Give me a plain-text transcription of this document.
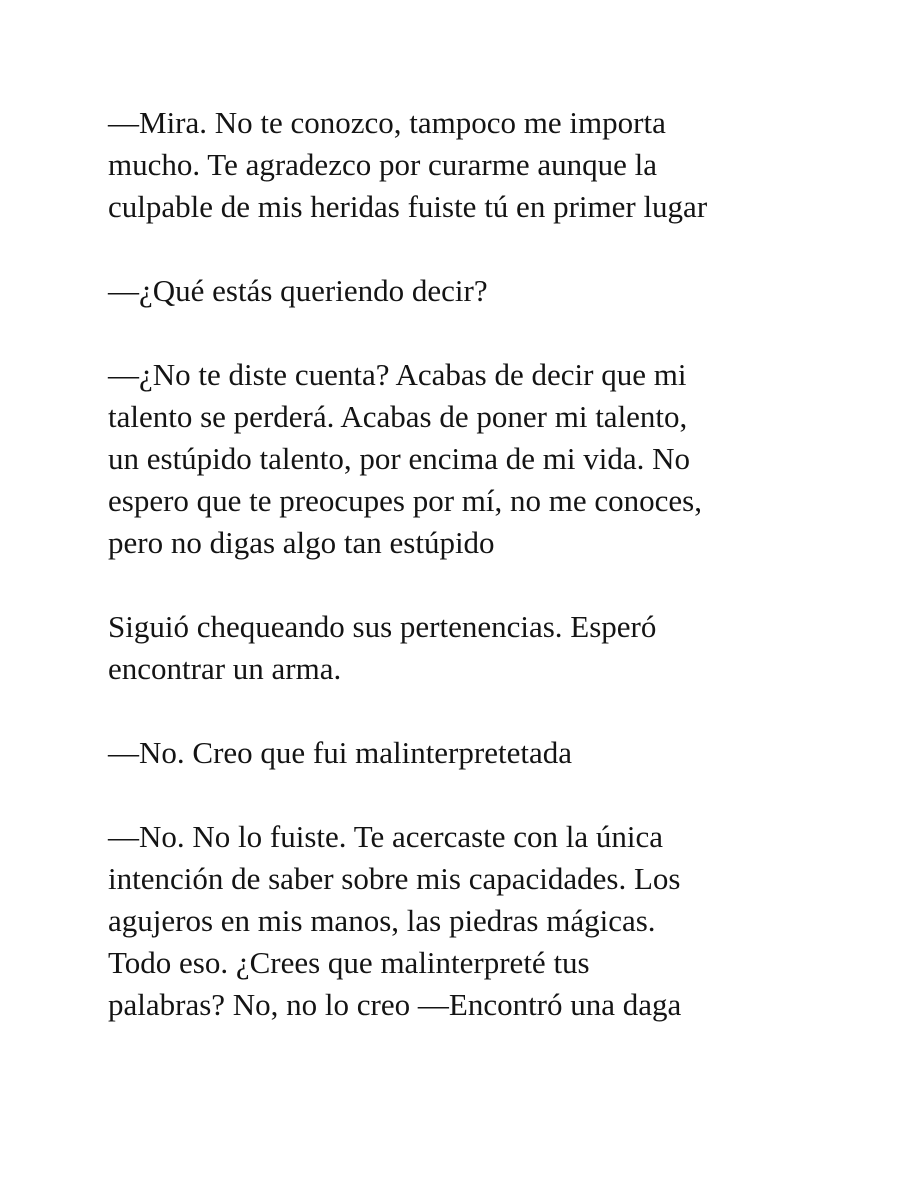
—Mira. No te conozco, tampoco me importa
mucho. Te agradezco por curarme aunque la
culpable de mis heridas fuiste tú en primer lugar

—¿Qué estás queriendo decir?

—¿No te diste cuenta? Acabas de decir que mi
talento se perderá. Acabas de poner mi talento,
un estúpido talento, por encima de mi vida. No
espero que te preocupes por mí, no me conoces,
pero no digas algo tan estúpido

Siguió chequeando sus pertenencias. Esperó
encontrar un arma.

—No. Creo que fui malinterpretetada

—No. No lo fuiste. Te acercaste con la única
intención de saber sobre mis capacidades. Los
agujeros en mis manos, las piedras mágicas.
Todo eso. ¿Crees que malinterpreté tus
palabras? No, no lo creo —Encontró una daga
